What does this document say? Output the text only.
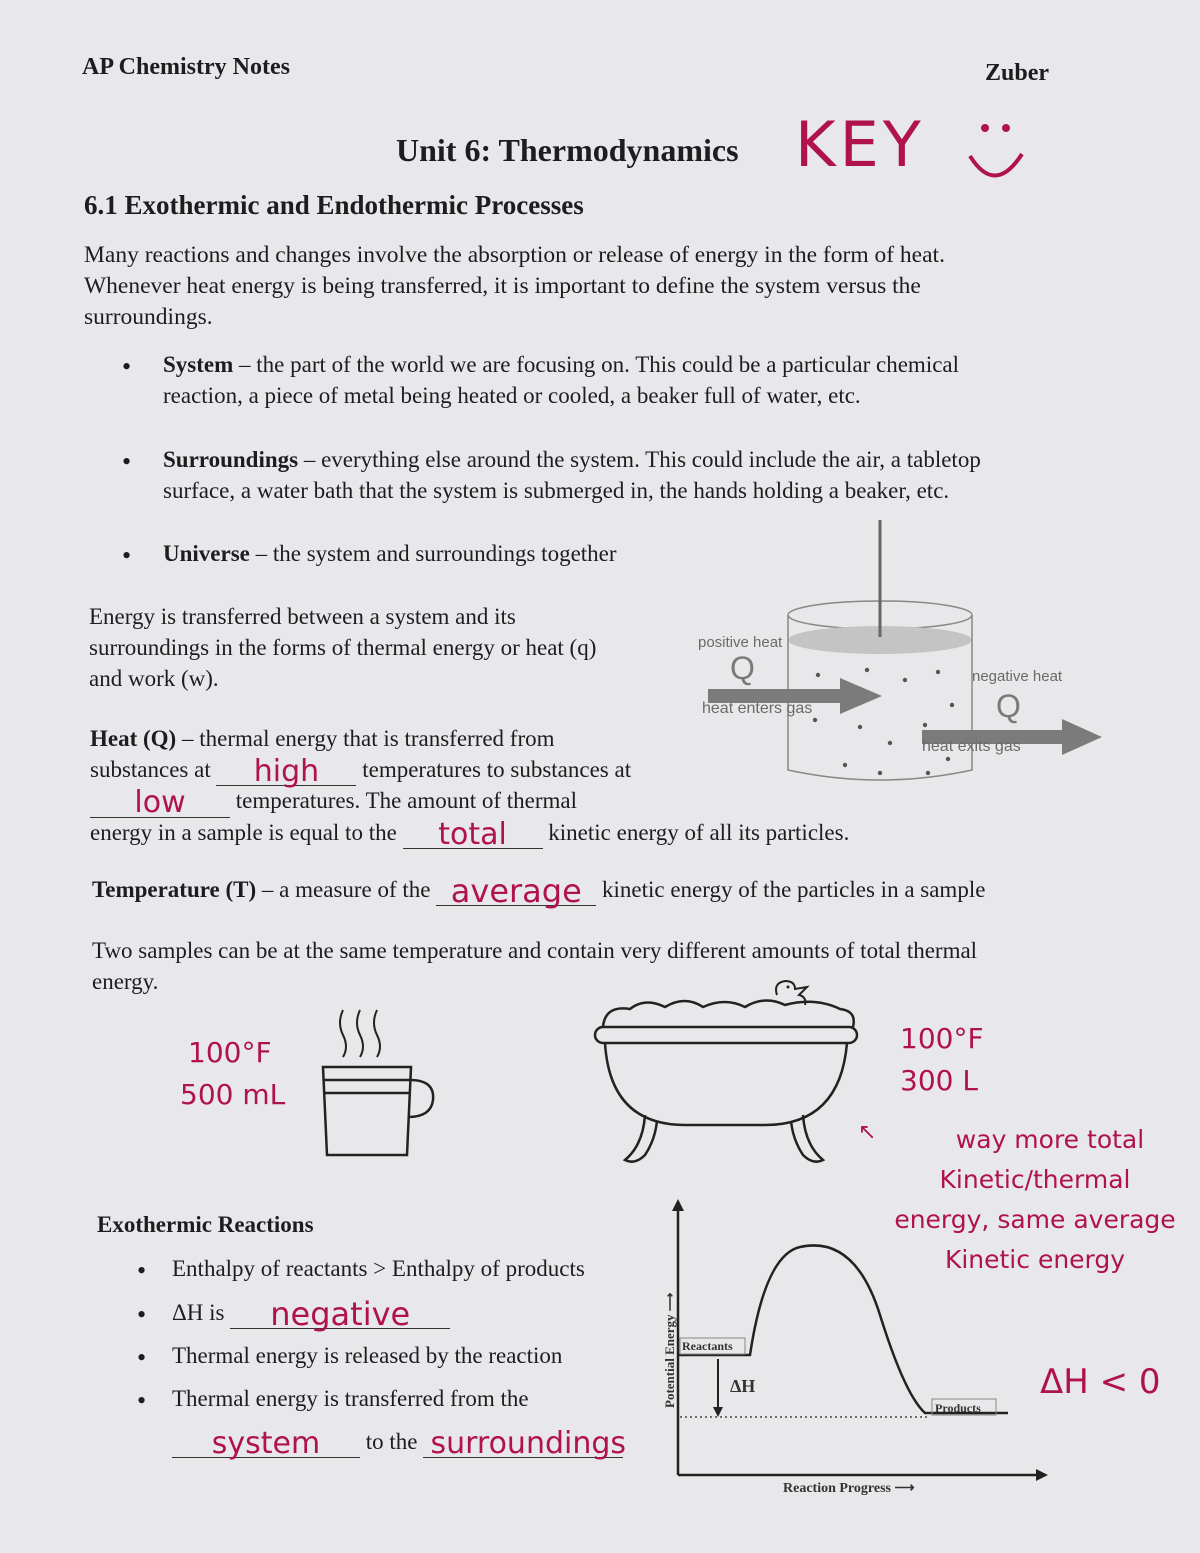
AP Chemistry Notes	Zuber
Unit 6: Thermodynamics KEY
6.1 Exothermic and Endothermic Processes
Many reactions and changes involve the absorption or release of energy in the form of heat.
Whenever heat energy is being transferred, it is important to define the system versus the
surroundings.
• System – the part of the world we are focusing on. This could be a particular chemical
reaction, a piece of metal being heated or cooled, a beaker full of water, etc.
• Surroundings – everything else around the system. This could include the air, a tabletop
surface, a water bath that the system is submerged in, the hands holding a beaker, etc.
• Universe – the system and surroundings together
Energy is transferred between a system and its
surroundings in the forms of thermal energy or heat (q)
and work (w).
positive heat
Q
heat enters gas
negative heat
Q
heat exits gas
Heat (Q) – thermal energy that is transferred from
substances at	high	temperatures to substances at
low	temperatures. The amount of thermal
energy in a sample is equal to the	total	kinetic energy of all its particles.
Temperature (T) – a measure of the average kinetic energy of the particles in a sample
Two samples can be at the same temperature and contain very different amounts of total thermal
energy.
100°F
500 mL
100°F
300 L
↖	way more total
Kinetic/thermal
energy, same average
Kinetic energy
Exothermic Reactions
• Enthalpy of reactants > Enthalpy of products
• ΔH is	negative

• Thermal energy is released by the reaction
• Thermal energy is transferred from the
system	to the surroundings

Potential Energy ⟶
Reaction Progress ⟶
Reactants
Products
ΔH	ΔH < 0
